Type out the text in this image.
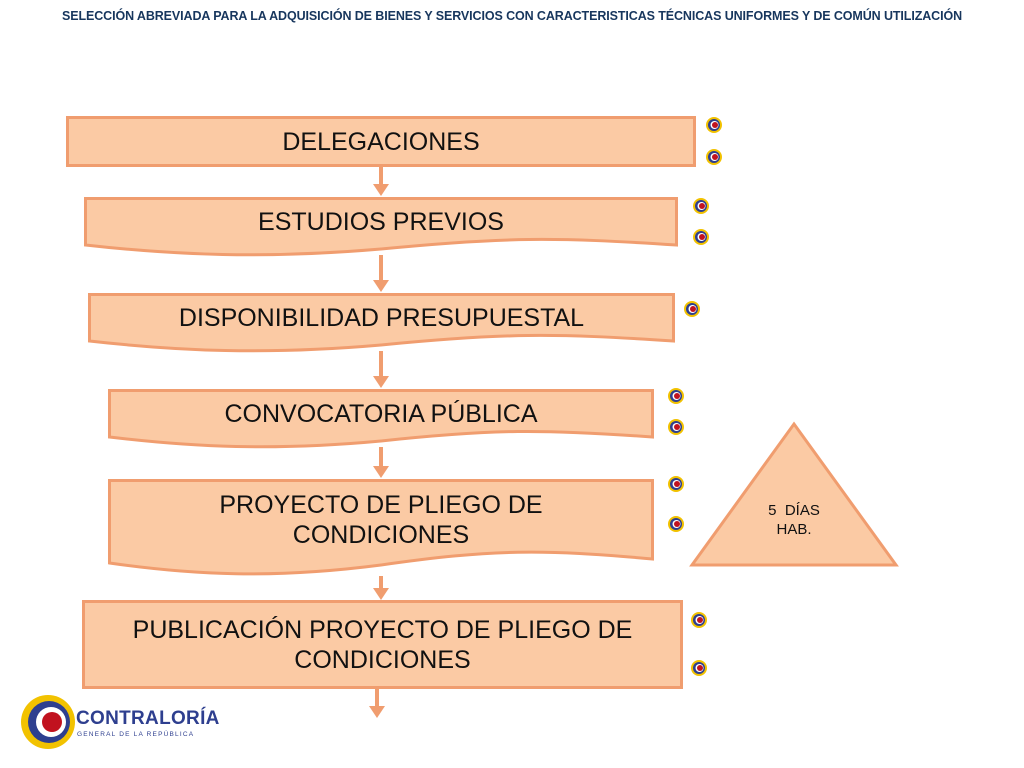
SELECCIÓN ABREVIADA PARA LA ADQUISICIÓN DE BIENES Y SERVICIOS CON CARACTERISTICAS TÉCNICAS UNIFORMES Y DE COMÚN UTILIZACIÓN
DELEGACIONES
ESTUDIOS PREVIOS
DISPONIBILIDAD PRESUPUESTAL
CONVOCATORIA PÚBLICA
PROYECTO DE PLIEGO DE CONDICIONES
PUBLICACIÓN PROYECTO DE PLIEGO DE CONDICIONES
5  DÍAS
HAB.
CONTRALORÍA
GENERAL DE LA REPÚBLICA
